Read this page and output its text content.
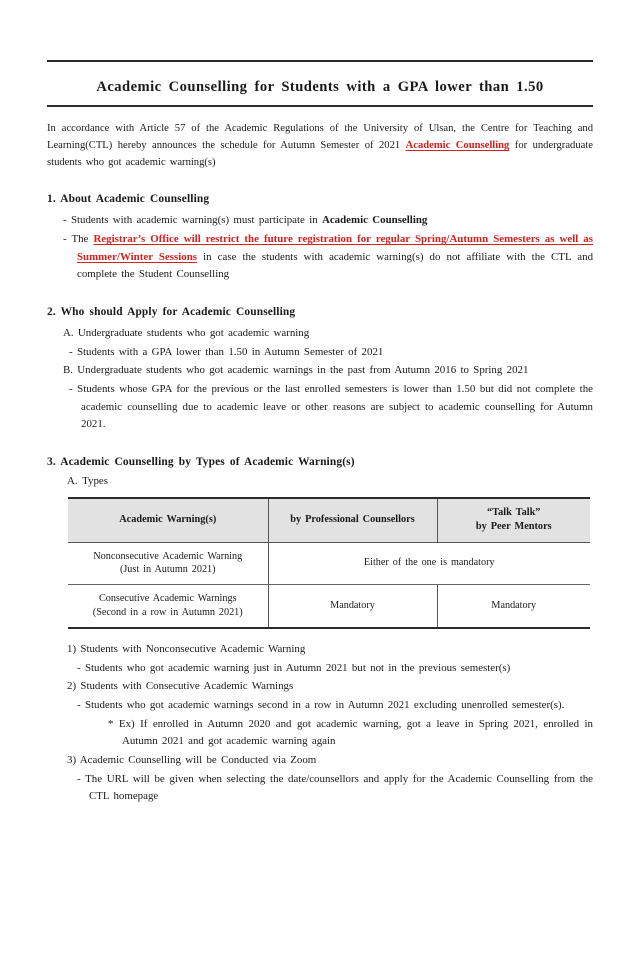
Academic Counselling for Students with a GPA lower than 1.50

In accordance with Article 57 of the Academic Regulations of the University of Ulsan, the Centre for Teaching and Learning(CTL) hereby announces the schedule for Autumn Semester of 2021 Academic Counselling for undergraduate students who got academic warning(s)

1. About Academic Counselling
- Students with academic warning(s) must participate in Academic Counselling
- The Registrar’s Office will restrict the future registration for regular Spring/Autumn Semesters as well as Summer/Winter Sessions in case the students with academic warning(s) do not affiliate with the CTL and complete the Student Counselling
2. Who should Apply for Academic Counselling
A. Undergraduate students who got academic warning
- Students with a GPA lower than 1.50 in Autumn Semester of 2021
B. Undergraduate students who got academic warnings in the past from Autumn 2016 to Spring 2021
- Students whose GPA for the previous or the last enrolled semesters is lower than 1.50 but did not complete the academic counselling due to academic leave or other reasons are subject to academic counselling for Autumn 2021.
3. Academic Counselling by Types of Academic Warning(s)
A. Types
Academic Warning(s)	by Professional Counsellors	“Talk Talk”
by Peer Mentors

Nonconsecutive Academic Warning
(Just in Autumn 2021)	Either of the one is mandatory	

Consecutive Academic Warnings
(Second in a row in Autumn 2021)	Mandatory	Mandatory
1) Students with Nonconsecutive Academic Warning
- Students who got academic warning just in Autumn 2021 but not in the previous semester(s)
2) Students with Consecutive Academic Warnings
- Students who got academic warnings second in a row in Autumn 2021 excluding unenrolled semester(s).
* Ex) If enrolled in Autumn 2020 and got academic warning, got a leave in Spring 2021, enrolled in Autumn 2021 and got academic warning again
3) Academic Counselling will be Conducted via Zoom
- The URL will be given when selecting the date/counsellors and apply for the Academic Counselling from the CTL homepage
